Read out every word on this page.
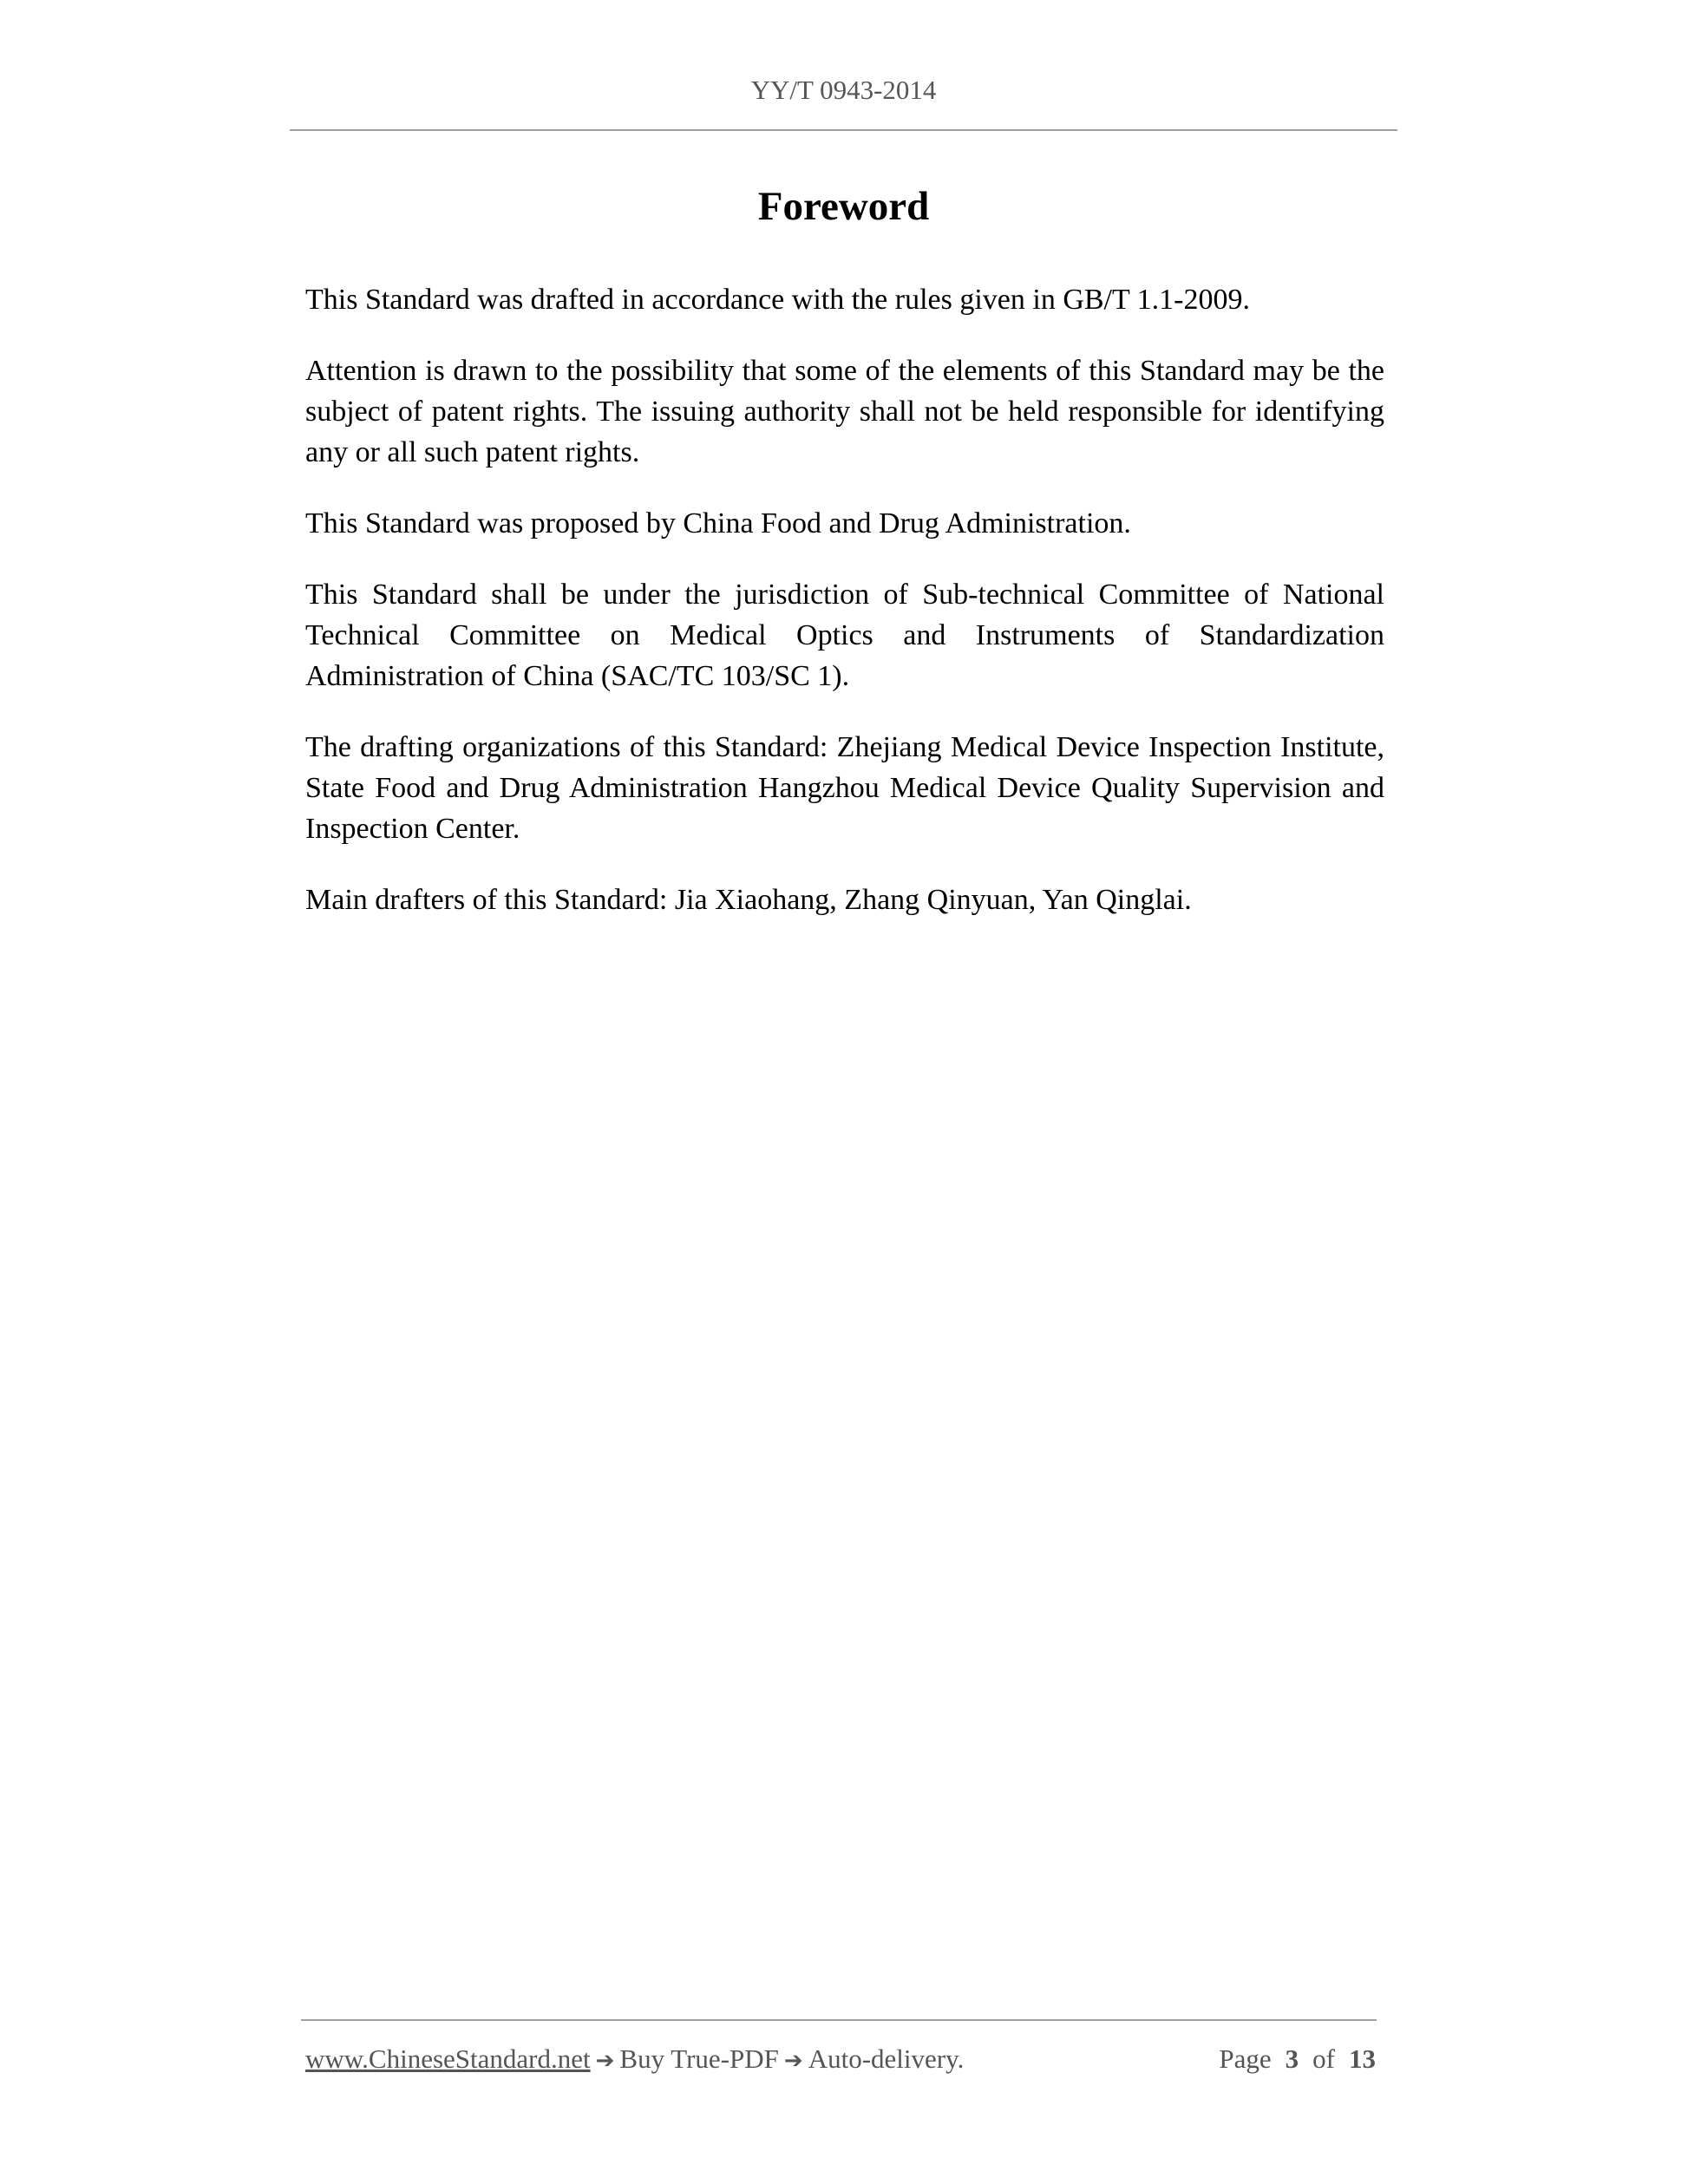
YY/T 0943-2014
Foreword

This Standard was drafted in accordance with the rules given in GB/T 1.1-2009.

Attention is drawn to the possibility that some of the elements of this Standard may be the subject of patent rights. The issuing authority shall not be held responsible for identifying any or all such patent rights.

This Standard was proposed by China Food and Drug Administration.

This Standard shall be under the jurisdiction of Sub-technical Committee of National Technical Committee on Medical Optics and Instruments of Standardization Administration of China (SAC/TC 103/SC 1).

The drafting organizations of this Standard: Zhejiang Medical Device Inspection Institute, State Food and Drug Administration Hangzhou Medical Device Quality Supervision and Inspection Center.

Main drafters of this Standard: Jia Xiaohang, Zhang Qinyuan, Yan Qinglai.

www.ChineseStandard.net ➔ Buy True-PDF ➔ Auto-delivery.	Page 3 of 13
